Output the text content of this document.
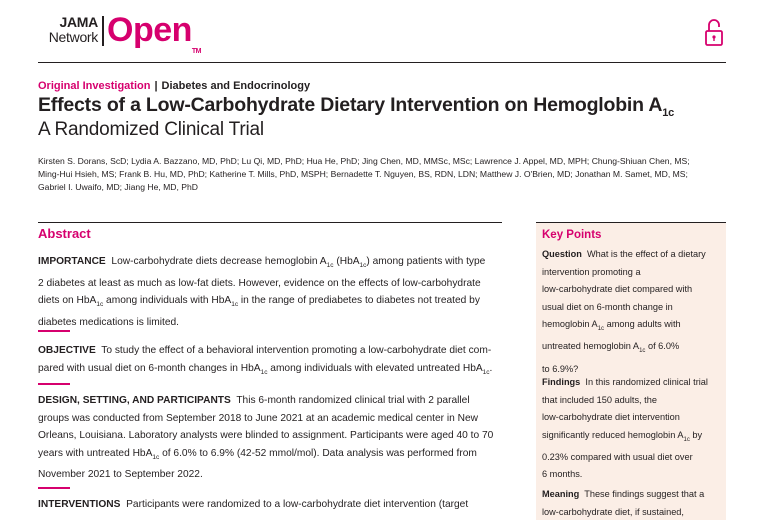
JAMA
Network Open™
Original Investigation | Diabetes and Endocrinology
Effects of a Low-Carbohydrate Dietary Intervention on Hemoglobin $A_{1c}$
A Randomized Clinical Trial
Kirsten S. Dorans, ScD; Lydia A. Bazzano, MD, PhD; Lu Qi, MD, PhD; Hua He, PhD; Jing Chen, MD, MMSc, MSc; Lawrence J. Appel, MD, MPH; Chung-Shiuan Chen, MS;
Ming-Hui Hsieh, MS; Frank B. Hu, MD, PhD; Katherine T. Mills, PhD, MSPH; Bernadette T. Nguyen, BS, RDN, LDN; Matthew J. O'Brien, MD; Jonathan M. Samet, MD, MS;
Gabriel I. Uwaifo, MD; Jiang He, MD, PhD
Abstract
IMPORTANCE Low-carbohydrate diets decrease hemoglobin $A_{1c}$ (HbA$_{1c}$) among patients with type
2 diabetes at least as much as low-fat diets. However, evidence on the effects of low-carbohydrate
diets on HbA$_{1c}$ among individuals with HbA$_{1c}$ in the range of prediabetes to diabetes not treated by
diabetes medications is limited.
OBJECTIVE To study the effect of a behavioral intervention promoting a low-carbohydrate diet com-
pared with usual diet on 6-month changes in HbA$_{1c}$ among individuals with elevated untreated HbA$_{1c}$.
DESIGN, SETTING, AND PARTICIPANTS This 6-month randomized clinical trial with 2 parallel
groups was conducted from September 2018 to June 2021 at an academic medical center in New
Orleans, Louisiana. Laboratory analysts were blinded to assignment. Participants were aged 40 to 70
years with untreated HbA$_{1c}$ of 6.0% to 6.9% (42-52 mmol/mol). Data analysis was performed from
November 2021 to September 2022.
INTERVENTIONS Participants were randomized to a low-carbohydrate diet intervention (target
Key Points
Question What is the effect of a dietary
intervention promoting a
low-carbohydrate diet compared with
usual diet on 6-month change in
hemoglobin $A_{1c}$ among adults with
untreated hemoglobin $A_{1c}$ of 6.0%
to 6.9%?
Findings In this randomized clinical trial
that included 150 adults, the
low-carbohydrate diet intervention
significantly reduced hemoglobin $A_{1c}$ by
0.23% compared with usual diet over
6 months.
Meaning These findings suggest that a
low-carbohydrate diet, if sustained,
